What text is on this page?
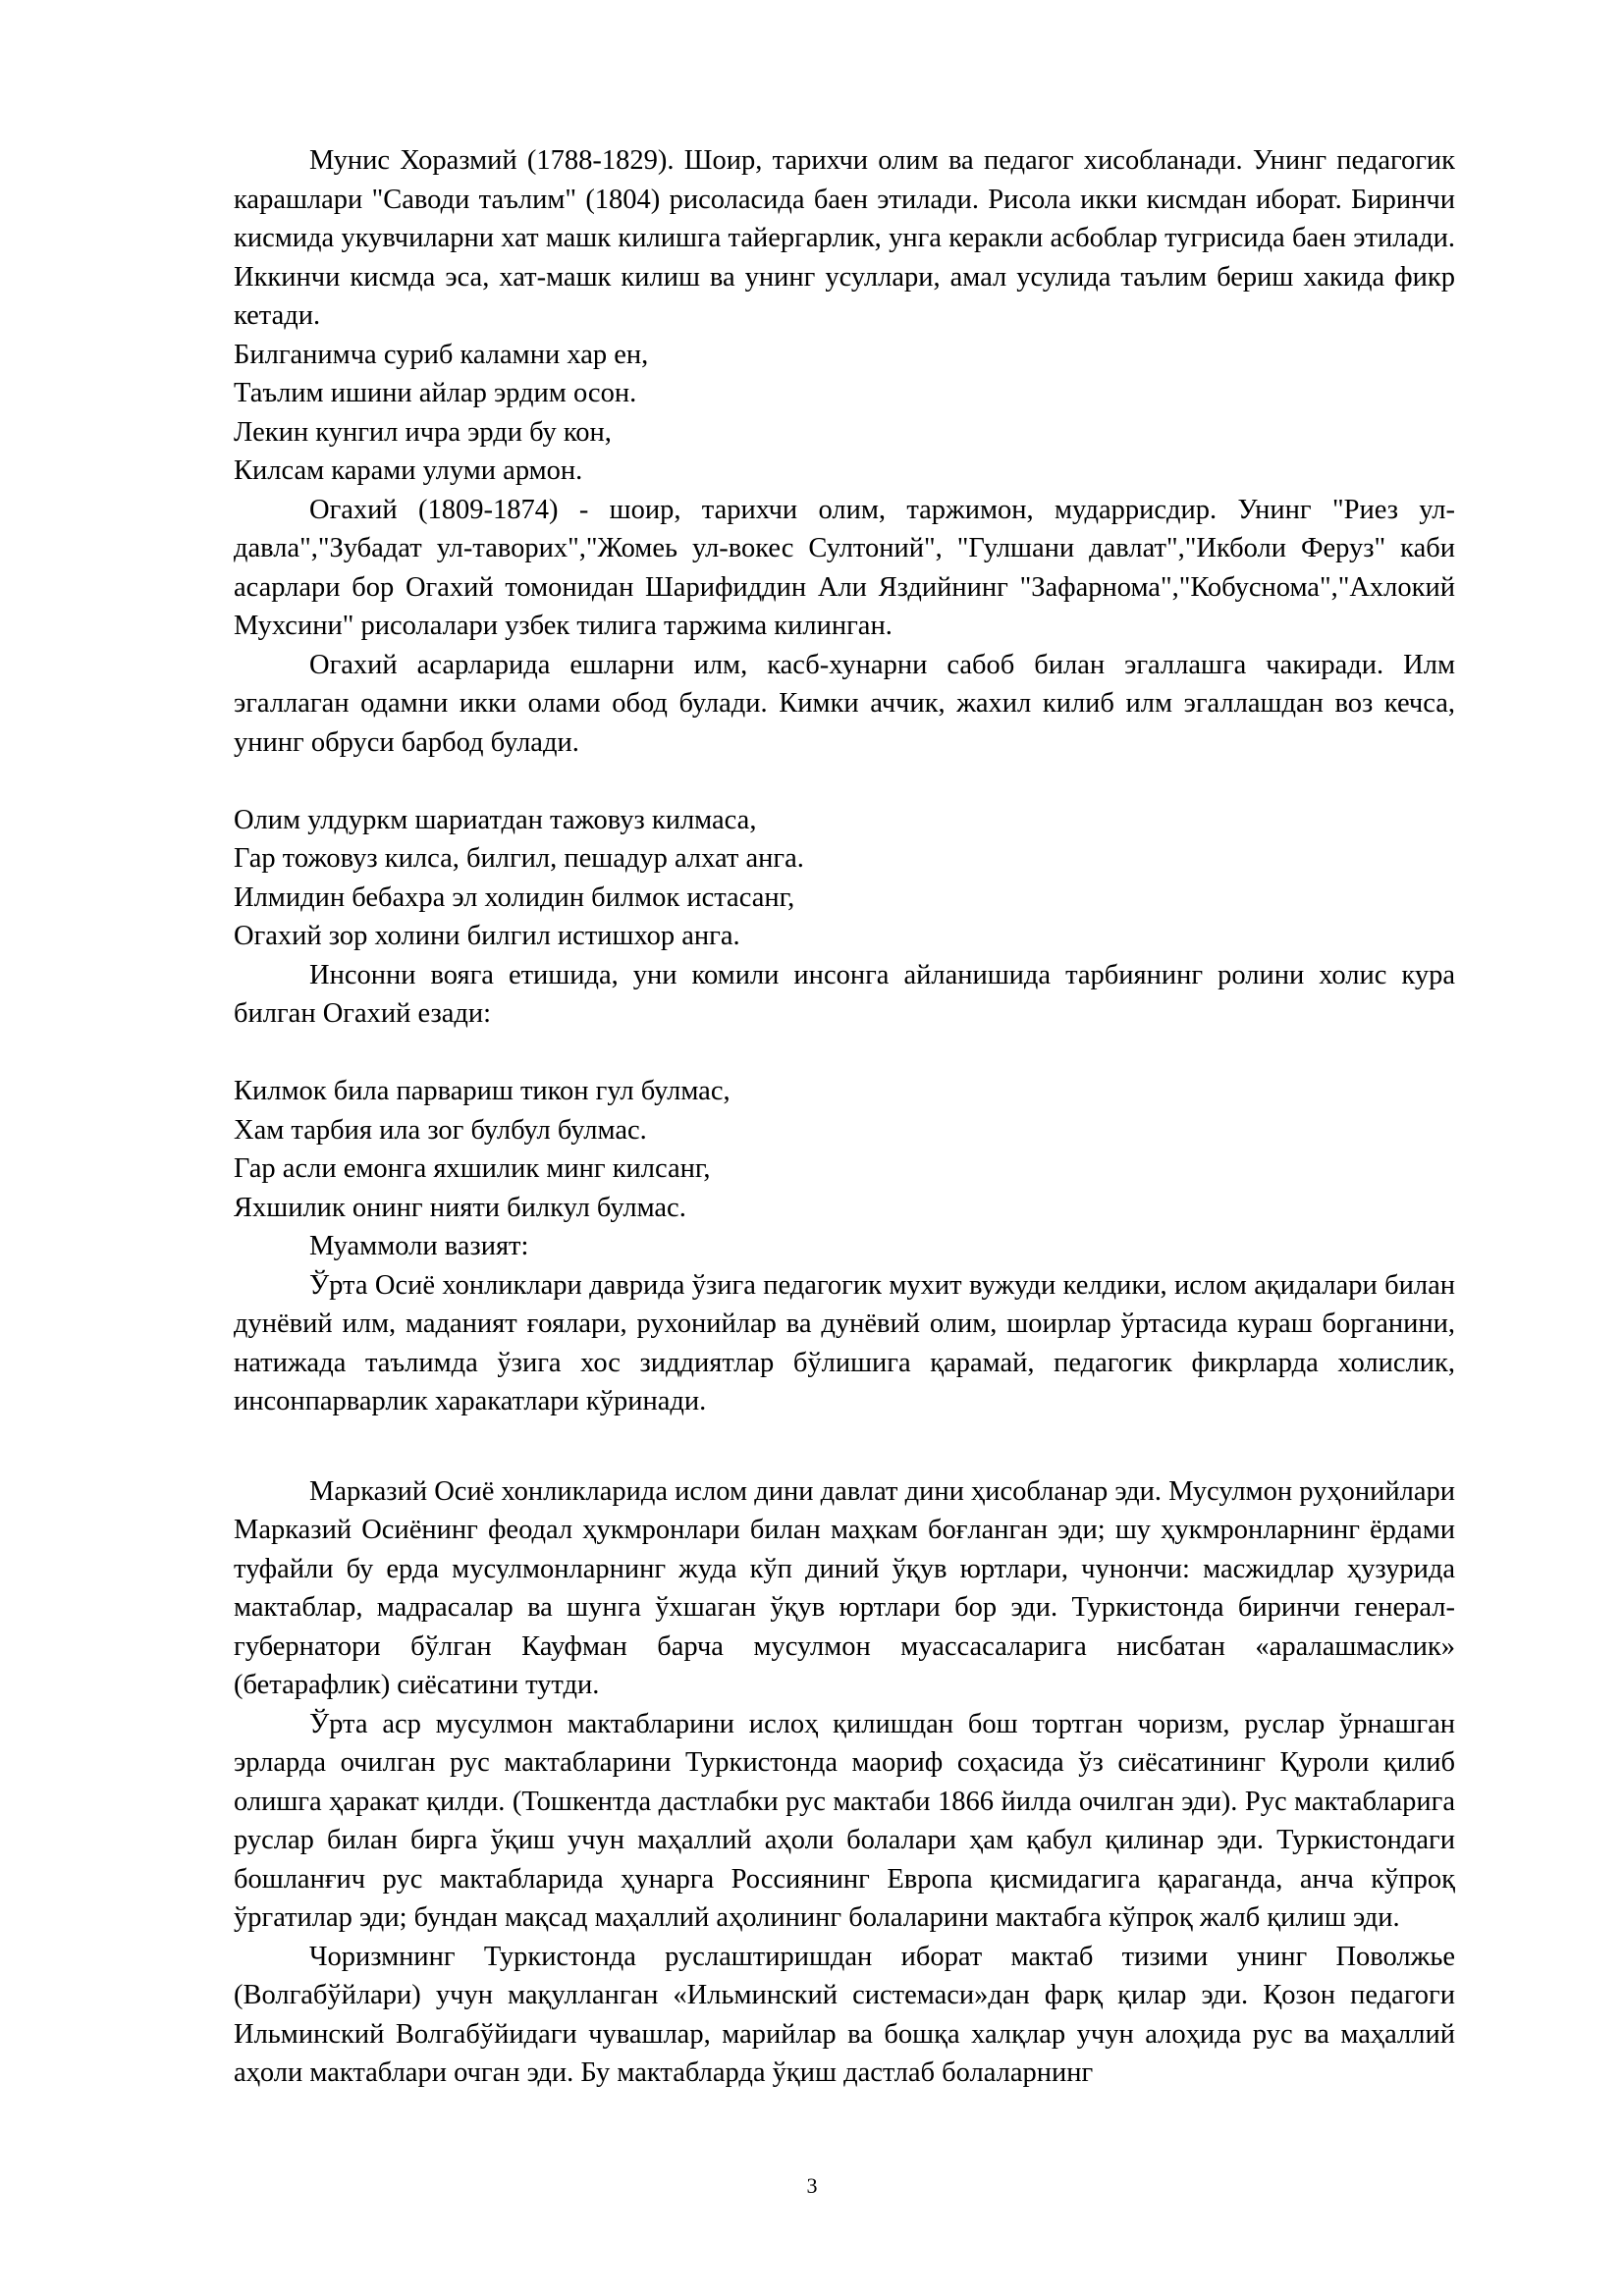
Мунис Хоразмий (1788-1829). Шоир, тарихчи олим ва педагог хисобланади. Унинг педагогик карашлари "Саводи таълим" (1804) рисоласида баен этилади. Рисола икки кисмдан иборат. Биринчи кисмида укувчиларни хат машк килишга тайергарлик, унга керакли асбоблар тугрисида баен этилади. Иккинчи кисмда эса, хат-машк килиш ва унинг усуллари, амал усулида таълим бериш хакида фикр кетади.

Билганимча суриб каламни хар ен,

Таълим ишини айлар эрдим осон.

Лекин кунгил ичра эрди бу кон,

Килсам карами улуми армон.

Огахий (1809-1874) - шоир, тарихчи олим, таржимон, мударрисдир. Унинг "Риез ул-давла","Зубадат ул-таворих","Жомеь ул-вокес Султоний", "Гулшани давлат","Икболи Феруз" каби асарлари бор Огахий томонидан Шарифиддин Али Яздийнинг "Зафарнома","Кобуснома","Ахлокий Мухсини" рисолалари узбек тилига таржима килинган.

Огахий асарларида ешларни илм, касб-хунарни сабоб билан эгаллашга чакиради. Илм эгаллаган одамни икки олами обод булади. Кимки аччик, жахил килиб илм эгаллашдан воз кечса, унинг обруси барбод булади.

Олим улдуркм шариатдан тажовуз килмаса,

Гар тожовуз килса, билгил, пешадур алхат анга.

Илмидин бебахра эл холидин билмок истасанг,

Огахий зор холини билгил истишхор анга.

Инсонни вояга етишида, уни комили инсонга айланишида тарбиянинг ролини холис кура билган Огахий езади:

Килмок била парвариш тикон гул булмас,

Хам тарбия ила зог булбул булмас.

Гар асли емонга яхшилик минг килсанг,

Яхшилик онинг нияти билкул булмас.

Муаммоли вазият:

Ўрта Осиё хонликлари даврида ўзига педагогик мухит вужуди келдики, ислом ақидалари билан дунёвий илм, маданият ғоялари, рухонийлар ва дунёвий олим, шоирлар ўртасида кураш борганини, натижада таълимда ўзига хос зиддиятлар бўлишига қарамай, педагогик фикрларда холислик, инсонпарварлик харакатлари кўринади.

Марказий Осиё хонликларида ислом дини давлат дини ҳисобланар эди. Мусулмон руҳонийлари Марказий Осиёнинг феодал ҳукмронлари билан маҳкам боғланган эди; шу ҳукмронларнинг ёрдами туфайли бу ерда мусулмонларнинг жуда кўп диний ўқув юртлари, чунончи: масжидлар ҳузурида мактаблар, мадрасалар ва шунга ўхшаган ўқув юртлари бор эди. Туркистонда биринчи генерал-губернатори бўлган Кауфман барча мусулмон муассасаларига нисбатан «аралашмаслик» (бетарафлик) сиёсатини тутди.

Ўрта аср мусулмон мактабларини ислоҳ қилишдан бош тортган чоризм, руслар ўрнашган эрларда очилган рус мактабларини Туркистонда маориф соҳасида ўз сиёсатининг Қуроли қилиб олишга ҳаракат қилди. (Тошкентда дастлабки рус мактаби 1866 йилда очилган эди). Рус мактабларига руслар билан бирга ўқиш учун маҳаллий аҳоли болалари ҳам қабул қилинар эди. Туркистондаги бошланғич рус мактабларида ҳунарга Россиянинг Европа қисмидагига қараганда, анча кўпроқ ўргатилар эди; бундан мақсад маҳаллий аҳолининг болаларини мактабга кўпроқ жалб қилиш эди.

Чоризмнинг Туркистонда руслаштиришдан иборат мактаб тизими унинг Поволжье (Волгабўйлари) учун мақулланган «Ильминский системаси»дан фарқ қилар эди. Қозон педагоги Ильминский Волгабўйидаги чувашлар, марийлар ва бошқа халқлар учун алоҳида рус ва маҳаллий аҳоли мактаблари очган эди. Бу мактабларда ўқиш дастлаб болаларнинг

3
